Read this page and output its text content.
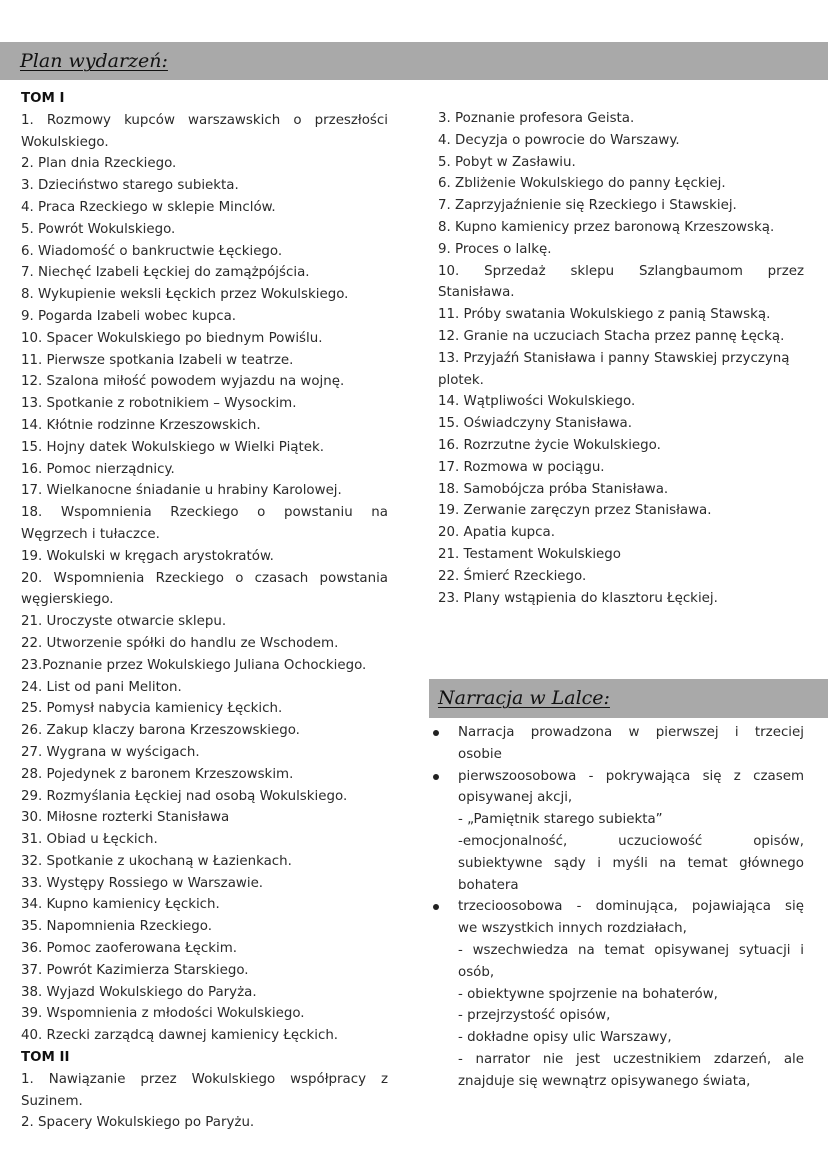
Plan wydarzeń:
TOM I
1. Rozmowy kupców warszawskich o przeszłości
Wokulskiego.
2. Plan dnia Rzeckiego.
3. Dzieciństwo starego subiekta.
4. Praca Rzeckiego w sklepie Minclów.
5. Powrót Wokulskiego.
6. Wiadomość o bankructwie Łęckiego.
7. Niechęć Izabeli Łęckiej do zamążpójścia.
8. Wykupienie weksli Łęckich przez Wokulskiego.
9. Pogarda Izabeli wobec kupca.
10. Spacer Wokulskiego po biednym Powiślu.
11. Pierwsze spotkania Izabeli w teatrze.
12. Szalona miłość powodem wyjazdu na wojnę.
13. Spotkanie z robotnikiem – Wysockim.
14. Kłótnie rodzinne Krzeszowskich.
15. Hojny datek Wokulskiego w Wielki Piątek.
16. Pomoc nierządnicy.
17. Wielkanocne śniadanie u hrabiny Karolowej.
18. Wspomnienia Rzeckiego o powstaniu na
Węgrzech i tułaczce.
19. Wokulski w kręgach arystokratów.
20. Wspomnienia Rzeckiego o czasach powstania
węgierskiego.
21. Uroczyste otwarcie sklepu.
22. Utworzenie spółki do handlu ze Wschodem.
23.Poznanie przez Wokulskiego Juliana Ochockiego.
24. List od pani Meliton.
25. Pomysł nabycia kamienicy Łęckich.
26. Zakup klaczy barona Krzeszowskiego.
27. Wygrana w wyścigach.
28. Pojedynek z baronem Krzeszowskim.
29. Rozmyślania Łęckiej nad osobą Wokulskiego.
30. Miłosne rozterki Stanisława
31. Obiad u Łęckich.
32. Spotkanie z ukochaną w Łazienkach.
33. Występy Rossiego w Warszawie.
34. Kupno kamienicy Łęckich.
35. Napomnienia Rzeckiego.
36. Pomoc zaoferowana Łęckim.
37. Powrót Kazimierza Starskiego.
38. Wyjazd Wokulskiego do Paryża.
39. Wspomnienia z młodości Wokulskiego.
40. Rzecki zarządcą dawnej kamienicy Łęckich.
TOM II
1. Nawiązanie przez Wokulskiego współpracy z
Suzinem.
2. Spacery Wokulskiego po Paryżu.
3. Poznanie profesora Geista.
4. Decyzja o powrocie do Warszawy.
5. Pobyt w Zasławiu.
6. Zbliżenie Wokulskiego do panny Łęckiej.
7. Zaprzyjaźnienie się Rzeckiego i Stawskiej.
8. Kupno kamienicy przez baronową Krzeszowską.
9. Proces o lalkę.
10. Sprzedaż sklepu Szlangbaumom przez
Stanisława.
11. Próby swatania Wokulskiego z panią Stawską.
12. Granie na uczuciach Stacha przez pannę Łęcką.
13. Przyjaźń Stanisława i panny Stawskiej przyczyną
plotek.
14. Wątpliwości Wokulskiego.
15. Oświadczyny Stanisława.
16. Rozrzutne życie Wokulskiego.
17. Rozmowa w pociągu.
18. Samobójcza próba Stanisława.
19. Zerwanie zaręczyn przez Stanisława.
20. Apatia kupca.
21. Testament Wokulskiego
22. Śmierć Rzeckiego.
23. Plany wstąpienia do klasztoru Łęckiej.
Narracja w Lalce:
Narracja prowadzona w pierwszej i trzeciej
osobie
pierwszoosobowa - pokrywająca się z czasem
opisywanej akcji,
- „Pamiętnik starego subiekta”
-emocjonalność, uczuciowość opisów,
subiektywne sądy i myśli na temat głównego
bohatera
trzecioosobowa - dominująca, pojawiająca się
we wszystkich innych rozdziałach,
- wszechwiedza na temat opisywanej sytuacji i
osób,
- obiektywne spojrzenie na bohaterów,
- przejrzystość opisów,
- dokładne opisy ulic Warszawy,
- narrator nie jest uczestnikiem zdarzeń, ale
znajduje się wewnątrz opisywanego świata,
